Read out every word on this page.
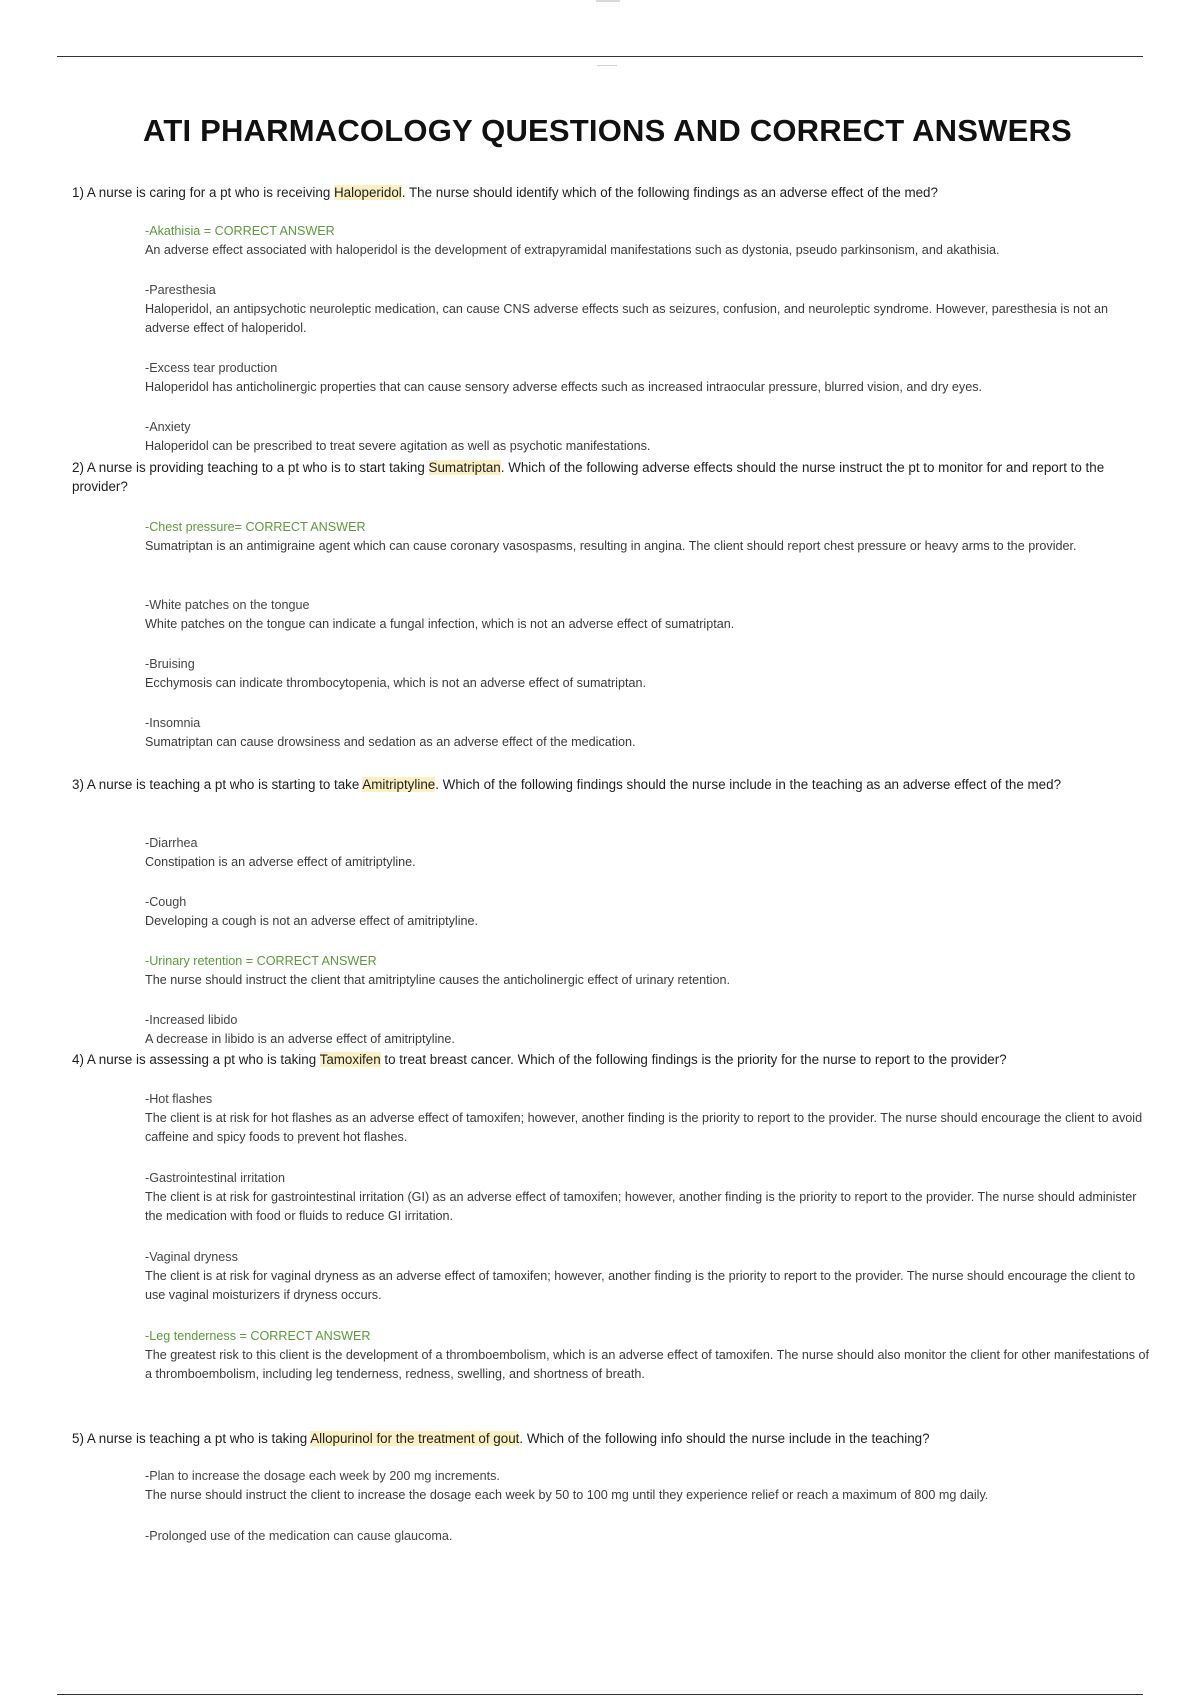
ATI PHARMACOLOGY QUESTIONS AND CORRECT ANSWERS
1) A nurse is caring for a pt who is receiving Haloperidol. The nurse should identify which of the following findings as an adverse effect of the med?
-Akathisia = CORRECT ANSWER
An adverse effect associated with haloperidol is the development of extrapyramidal manifestations such as dystonia, pseudo parkinsonism, and akathisia.
-Paresthesia
Haloperidol, an antipsychotic neuroleptic medication, can cause CNS adverse effects such as seizures, confusion, and neuroleptic syndrome. However, paresthesia is not an adverse effect of haloperidol.
-Excess tear production
Haloperidol has anticholinergic properties that can cause sensory adverse effects such as increased intraocular pressure, blurred vision, and dry eyes.
-Anxiety
Haloperidol can be prescribed to treat severe agitation as well as psychotic manifestations.
2) A nurse is providing teaching to a pt who is to start taking Sumatriptan. Which of the following adverse effects should the nurse instruct the pt to monitor for and report to the provider?
-Chest pressure= CORRECT ANSWER
Sumatriptan is an antimigraine agent which can cause coronary vasospasms, resulting in angina. The client should report chest pressure or heavy arms to the provider.
-White patches on the tongue
White patches on the tongue can indicate a fungal infection, which is not an adverse effect of sumatriptan.
-Bruising
Ecchymosis can indicate thrombocytopenia, which is not an adverse effect of sumatriptan.
-Insomnia
Sumatriptan can cause drowsiness and sedation as an adverse effect of the medication.
3) A nurse is teaching a pt who is starting to take Amitriptyline. Which of the following findings should the nurse include in the teaching as an adverse effect of the med?
-Diarrhea
Constipation is an adverse effect of amitriptyline.
-Cough
Developing a cough is not an adverse effect of amitriptyline.
-Urinary retention = CORRECT ANSWER
The nurse should instruct the client that amitriptyline causes the anticholinergic effect of urinary retention.
-Increased libido
A decrease in libido is an adverse effect of amitriptyline.
4) A nurse is assessing a pt who is taking Tamoxifen to treat breast cancer. Which of the following findings is the priority for the nurse to report to the provider?
-Hot flashes
The client is at risk for hot flashes as an adverse effect of tamoxifen; however, another finding is the priority to report to the provider. The nurse should encourage the client to avoid caffeine and spicy foods to prevent hot flashes.
-Gastrointestinal irritation
The client is at risk for gastrointestinal irritation (GI) as an adverse effect of tamoxifen; however, another finding is the priority to report to the provider. The nurse should administer the medication with food or fluids to reduce GI irritation.
-Vaginal dryness
The client is at risk for vaginal dryness as an adverse effect of tamoxifen; however, another finding is the priority to report to the provider. The nurse should encourage the client to use vaginal moisturizers if dryness occurs.
-Leg tenderness = CORRECT ANSWER
The greatest risk to this client is the development of a thromboembolism, which is an adverse effect of tamoxifen. The nurse should also monitor the client for other manifestations of a thromboembolism, including leg tenderness, redness, swelling, and shortness of breath.
5) A nurse is teaching a pt who is taking Allopurinol for the treatment of gout. Which of the following info should the nurse include in the teaching?
-Plan to increase the dosage each week by 200 mg increments.
The nurse should instruct the client to increase the dosage each week by 50 to 100 mg until they experience relief or reach a maximum of 800 mg daily.
-Prolonged use of the medication can cause glaucoma.
